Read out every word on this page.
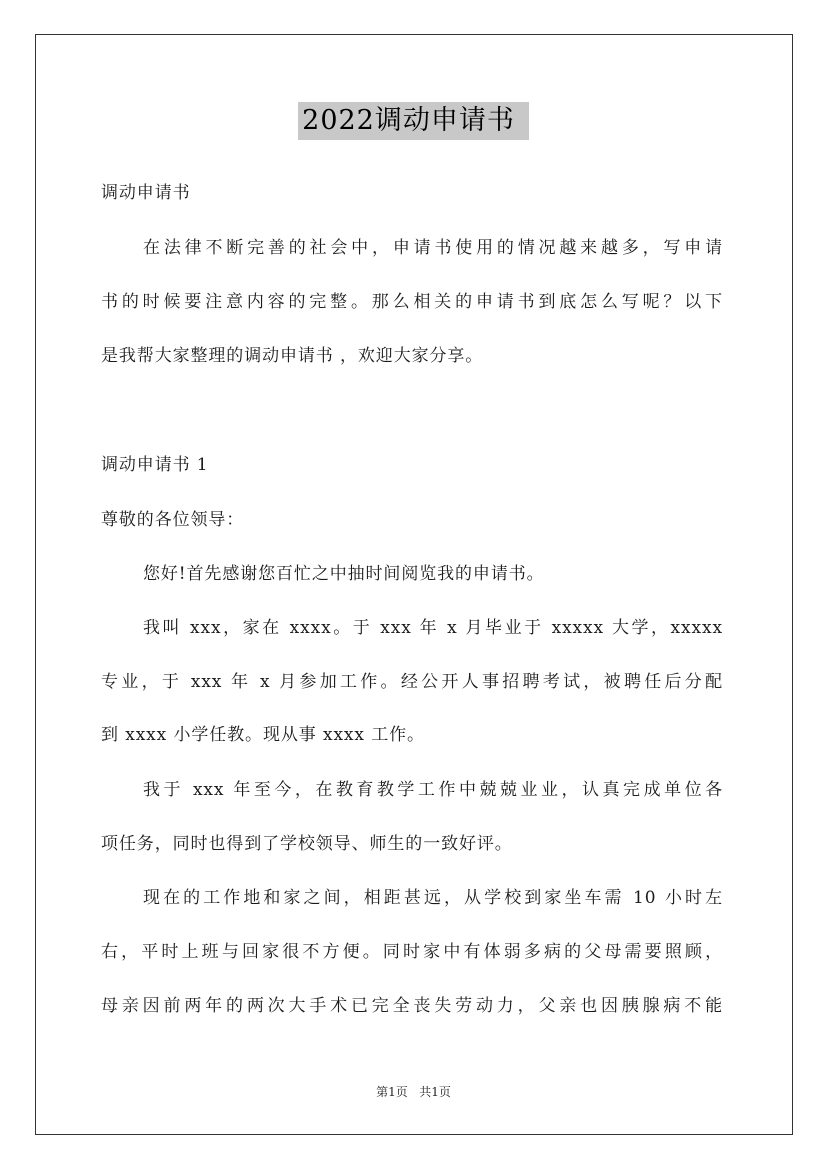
2022调动申请书
调动申请书
在法律不断完善的社会中，申请书使用的情况越来越多，写申请
书的时候要注意内容的完整。那么相关的申请书到底怎么写呢？以下
是我帮大家整理的调动申请书 ，欢迎大家分享。
调动申请书 1
尊敬的各位领导：
您好!首先感谢您百忙之中抽时间阅览我的申请书。
我叫 xxx，家在 xxxx。于 xxx 年 x 月毕业于 xxxxx 大学，xxxxx
专业，于 xxx 年 x 月参加工作。经公开人事招聘考试，被聘任后分配
到 xxxx 小学任教。现从事 xxxx 工作。
我于 xxx 年至今，在教育教学工作中兢兢业业，认真完成单位各
项任务，同时也得到了学校领导、师生的一致好评。
现在的工作地和家之间，相距甚远，从学校到家坐车需 10 小时左
右，平时上班与回家很不方便。同时家中有体弱多病的父母需要照顾，
母亲因前两年的两次大手术已完全丧失劳动力，父亲也因胰腺病不能
第1页 共1页
